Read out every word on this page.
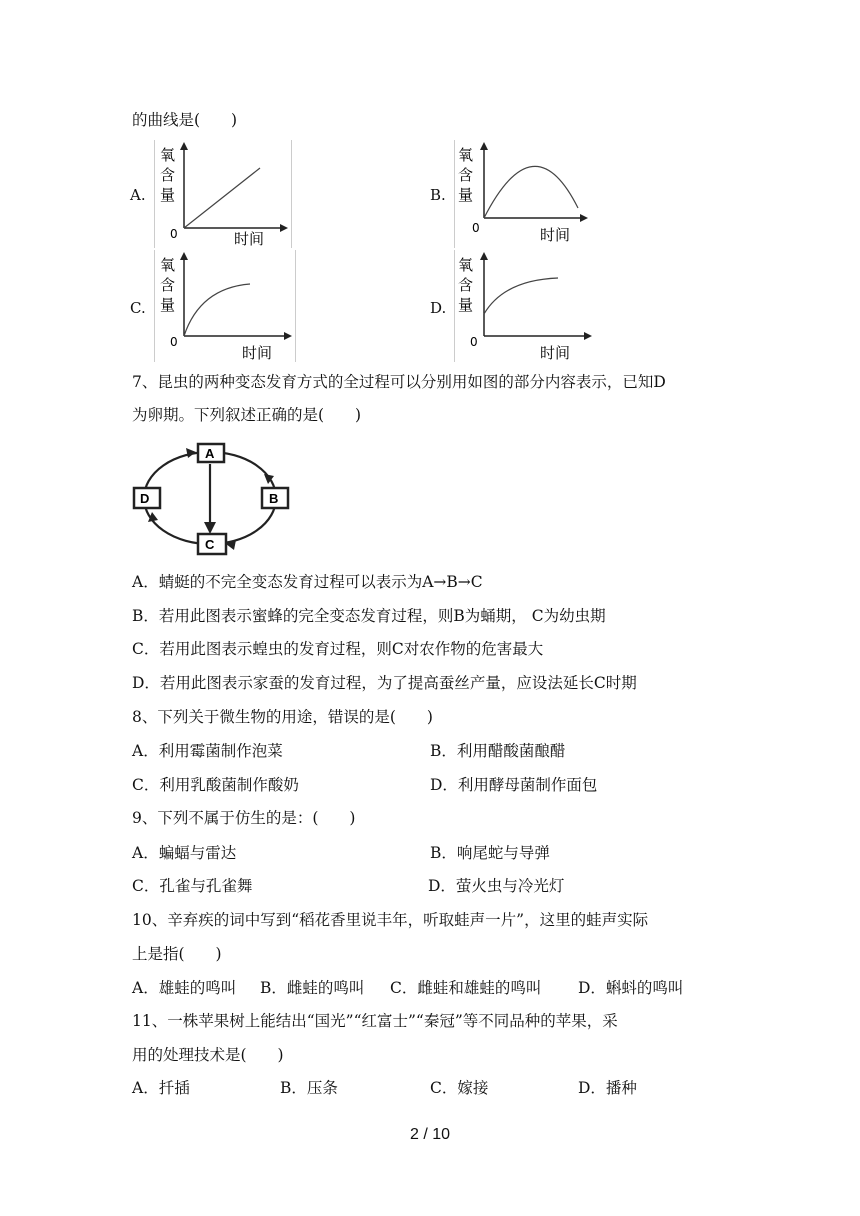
的曲线是(　　)
A.	B.
C.	D.
氧
含
量
0	时间
氧
含
量
0	时间
氧
含
量
0
时间
氧
含
量
0
时间
7、昆虫的两种变态发育方式的全过程可以分别用如图的部分内容表示，已知D
为卵期。下列叙述正确的是(　　)
A
B
C
D
A．蜻蜓的不完全变态发育过程可以表示为A→B→C
B．若用此图表示蜜蜂的完全变态发育过程，则B为蛹期， C为幼虫期
C．若用此图表示蝗虫的发育过程，则C对农作物的危害最大
D．若用此图表示家蚕的发育过程，为了提高蚕丝产量，应设法延长C时期
8、下列关于微生物的用途，错误的是(　　)
A．利用霉菌制作泡菜	B．利用醋酸菌酿醋
C．利用乳酸菌制作酸奶	D．利用酵母菌制作面包
9、下列不属于仿生的是：(　　)
A．蝙蝠与雷达	B．响尾蛇与导弹
C．孔雀与孔雀舞	D．萤火虫与冷光灯
10、辛弃疾的词中写到“稻花香里说丰年，听取蛙声一片”，这里的蛙声实际
上是指(　　)
A．雄蛙的鸣叫 B．雌蛙的鸣叫 C．雌蛙和雄蛙的鸣叫 D．蝌蚪的鸣叫
11、一株苹果树上能结出“国光”“红富士”“秦冠”等不同品种的苹果，采
用的处理技术是(　　)
A．扦插	B．压条	C．嫁接	D．播种
2 / 10
